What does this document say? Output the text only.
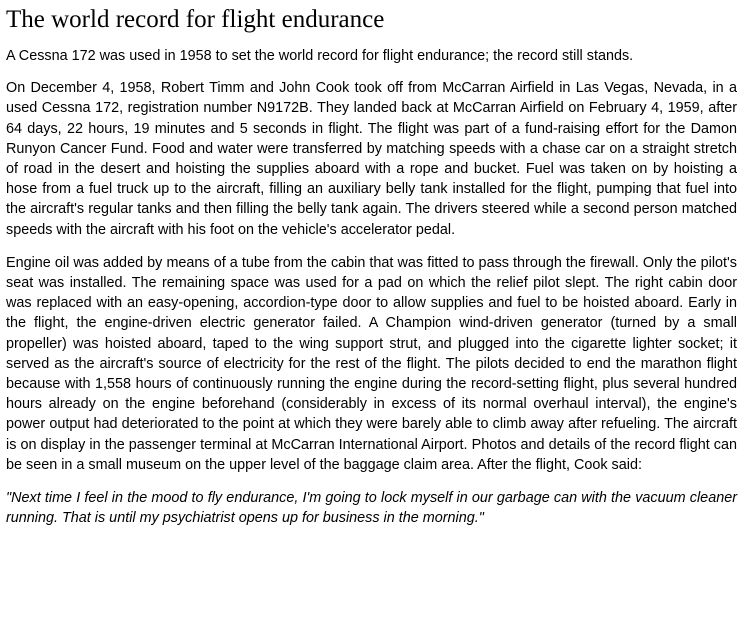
The world record for flight endurance

A Cessna 172 was used in 1958 to set the world record for flight endurance; the record still stands.

On December 4, 1958, Robert Timm and John Cook took off from McCarran Airfield in Las Vegas, Nevada, in a used Cessna 172, registration number N9172B. They landed back at McCarran Airfield on February 4, 1959, after 64 days, 22 hours, 19 minutes and 5 seconds in flight. The flight was part of a fund-raising effort for the Damon Runyon Cancer Fund. Food and water were transferred by matching speeds with a chase car on a straight stretch of road in the desert and hoisting the supplies aboard with a rope and bucket. Fuel was taken on by hoisting a hose from a fuel truck up to the aircraft, filling an auxiliary belly tank installed for the flight, pumping that fuel into the aircraft's regular tanks and then filling the belly tank again. The drivers steered while a second person matched speeds with the aircraft with his foot on the vehicle's accelerator pedal.

Engine oil was added by means of a tube from the cabin that was fitted to pass through the firewall. Only the pilot's seat was installed. The remaining space was used for a pad on which the relief pilot slept. The right cabin door was replaced with an easy-opening, accordion-type door to allow supplies and fuel to be hoisted aboard. Early in the flight, the engine-driven electric generator failed. A Champion wind-driven generator (turned by a small propeller) was hoisted aboard, taped to the wing support strut, and plugged into the cigarette lighter socket; it served as the aircraft's source of electricity for the rest of the flight. The pilots decided to end the marathon flight because with 1,558 hours of continuously running the engine during the record-setting flight, plus several hundred hours already on the engine beforehand (considerably in excess of its normal overhaul interval), the engine's power output had deteriorated to the point at which they were barely able to climb away after refueling. The aircraft is on display in the passenger terminal at McCarran International Airport. Photos and details of the record flight can be seen in a small museum on the upper level of the baggage claim area. After the flight, Cook said:

"Next time I feel in the mood to fly endurance, I'm going to lock myself in our garbage can with the vacuum cleaner running. That is until my psychiatrist opens up for business in the morning."
